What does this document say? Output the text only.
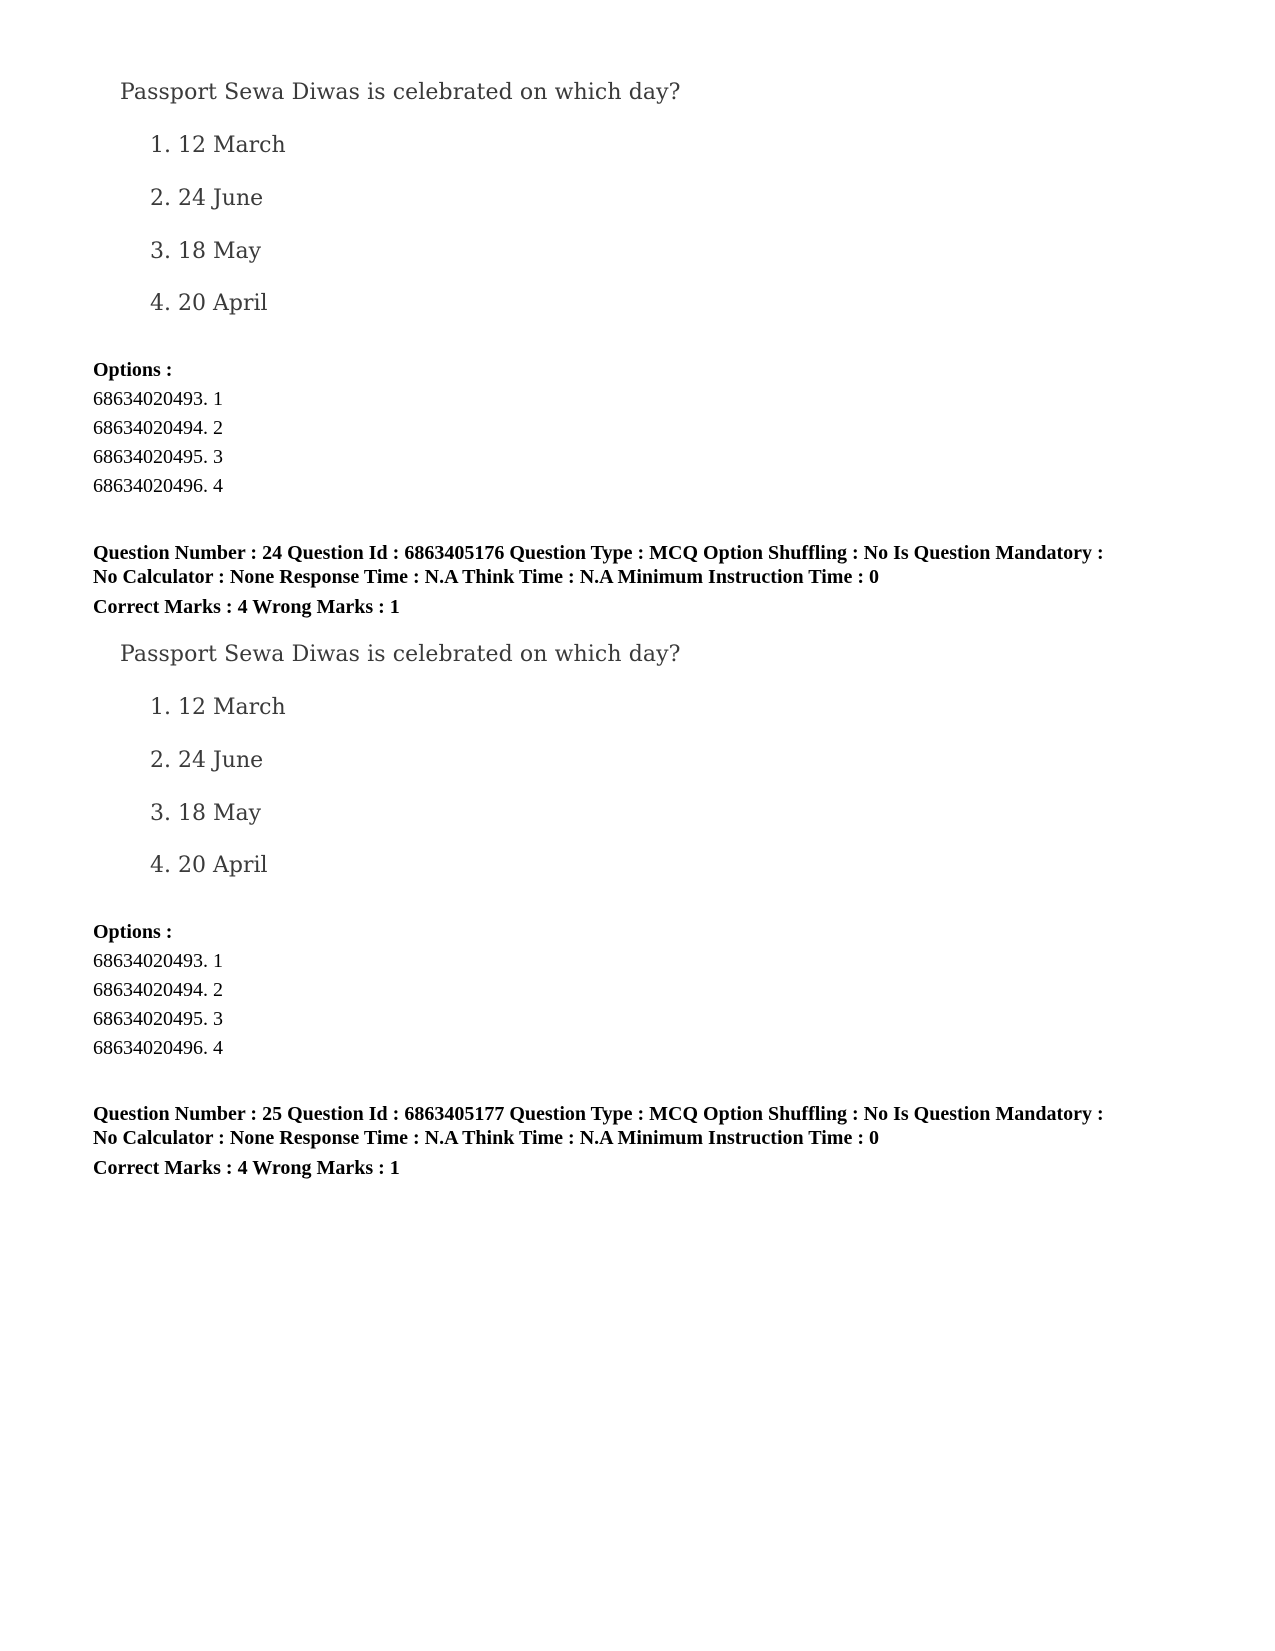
Passport Sewa Diwas is celebrated on which day?
1. 12 March
2. 24 June
3. 18 May
4. 20 April
Options :
68634020493. 1
68634020494. 2
68634020495. 3
68634020496. 4
Question Number : 24 Question Id : 6863405176 Question Type : MCQ Option Shuffling : No Is Question Mandatory :
No Calculator : None Response Time : N.A Think Time : N.A Minimum Instruction Time : 0
Correct Marks : 4 Wrong Marks : 1
Passport Sewa Diwas is celebrated on which day?
1. 12 March
2. 24 June
3. 18 May
4. 20 April
Options :
68634020493. 1
68634020494. 2
68634020495. 3
68634020496. 4
Question Number : 25 Question Id : 6863405177 Question Type : MCQ Option Shuffling : No Is Question Mandatory :
No Calculator : None Response Time : N.A Think Time : N.A Minimum Instruction Time : 0
Correct Marks : 4 Wrong Marks : 1
